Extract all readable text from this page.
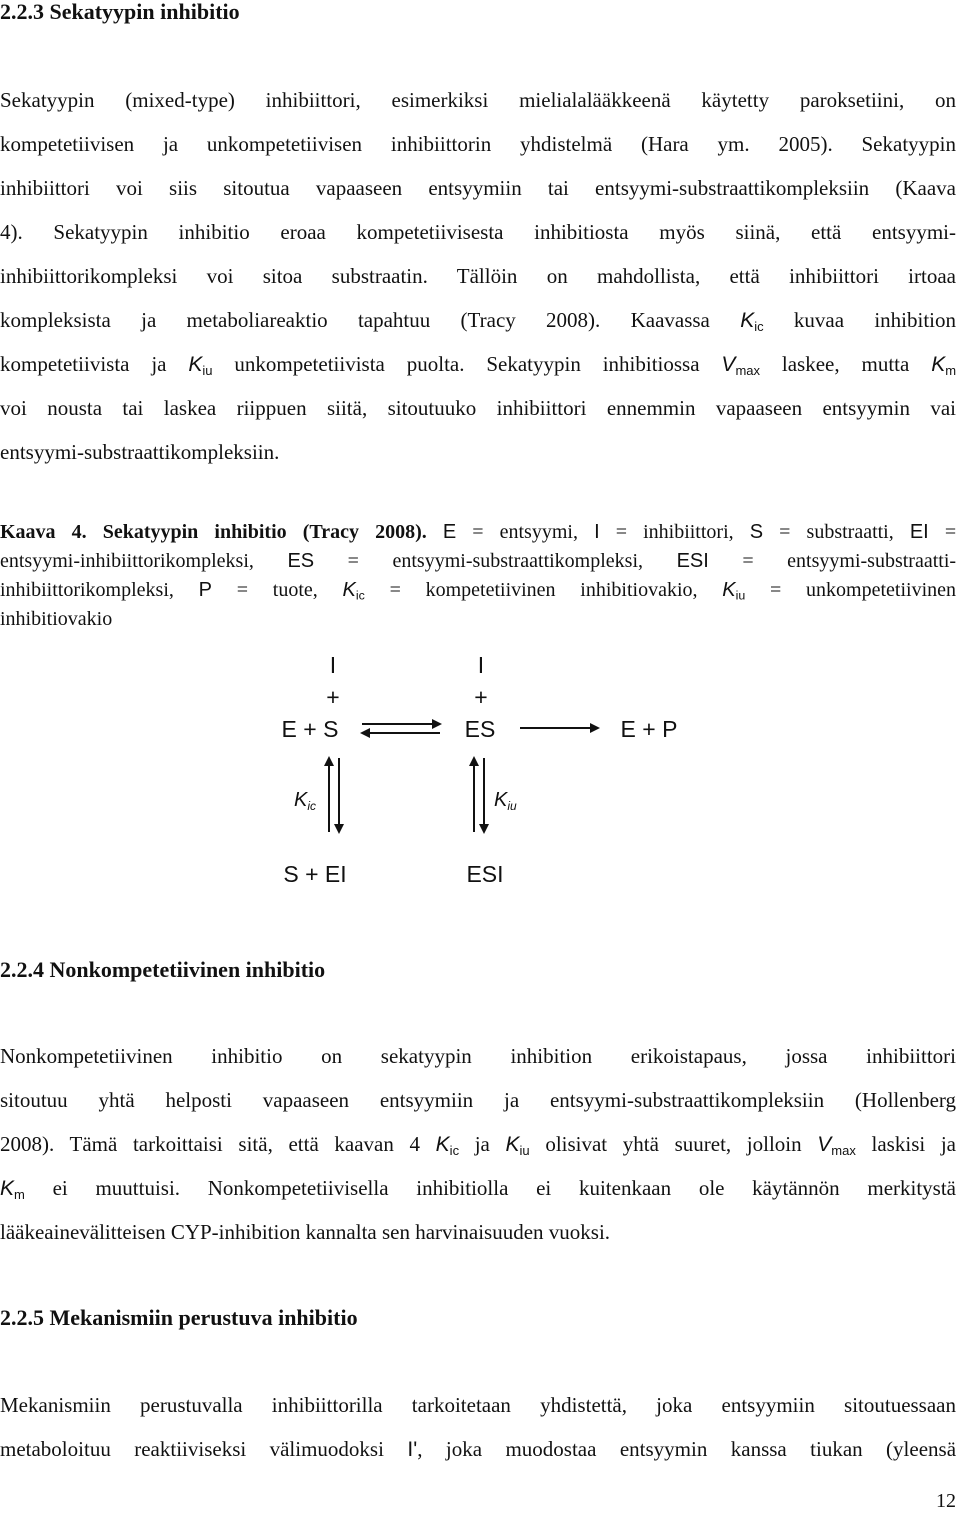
2.2.3 Sekatyypin inhibitio
Sekatyypin (mixed-type) inhibiittori, esimerkiksi mielialalääkkeenä käytetty paroksetiini, on
kompetetiivisen ja unkompetetiivisen inhibiittorin yhdistelmä (Hara ym. 2005). Sekatyypin
inhibiittori voi siis sitoutua vapaaseen entsyymiin tai entsyymi-substraattikompleksiin (Kaava
4). Sekatyypin inhibitio eroaa kompetetiivisesta inhibitiosta myös siinä, että entsyymi-
inhibiittorikompleksi voi sitoa substraatin. Tällöin on mahdollista, että inhibiittori irtoaa
kompleksista ja metaboliareaktio tapahtuu (Tracy 2008). Kaavassa $K_{ic}$ kuvaa inhibition
kompetetiivista ja $K_{iu}$ unkompetetiivista puolta. Sekatyypin inhibitiossa $V_{max}$ laskee, mutta $K_m$
voi nousta tai laskea riippuen siitä, sitoutuuko inhibiittori ennemmin vapaaseen entsyymin vai
entsyymi-substraattikompleksiin.
Kaava 4. Sekatyypin inhibitio (Tracy 2008). E = entsyymi, I = inhibiittori, S = substraatti, EI =
entsyymi-inhibiittorikompleksi, ES = entsyymi-substraattikompleksi, ESI = entsyymi-substraatti-
inhibiittorikompleksi, P = tuote, $K_{ic}$ = kompetetiivinen inhibitiovakio, $K_{iu}$ = unkompetetiivinen
inhibitiovakio
I
+
E + S
I
+
ES	E + P
$K_{ic}$	$K_{iu}$
S + EI	ESI
2.2.4 Nonkompetetiivinen inhibitio
Nonkompetetiivinen inhibitio on sekatyypin inhibition erikoistapaus, jossa inhibiittori
sitoutuu yhtä helposti vapaaseen entsyymiin ja entsyymi-substraattikompleksiin (Hollenberg
2008). Tämä tarkoittaisi sitä, että kaavan 4 $K_{ic}$ ja $K_{iu}$ olisivat yhtä suuret, jolloin $V_{max}$ laskisi ja
$K_m$ ei muuttuisi. Nonkompetetiivisella inhibitiolla ei kuitenkaan ole käytännön merkitystä
lääkeainevälitteisen CYP-inhibition kannalta sen harvinaisuuden vuoksi.
2.2.5 Mekanismiin perustuva inhibitio
Mekanismiin perustuvalla inhibiittorilla tarkoitetaan yhdistettä, joka entsyymiin sitoutuessaan
metaboloituu reaktiiviseksi välimuodoksi I', joka muodostaa entsyymin kanssa tiukan (yleensä
12
